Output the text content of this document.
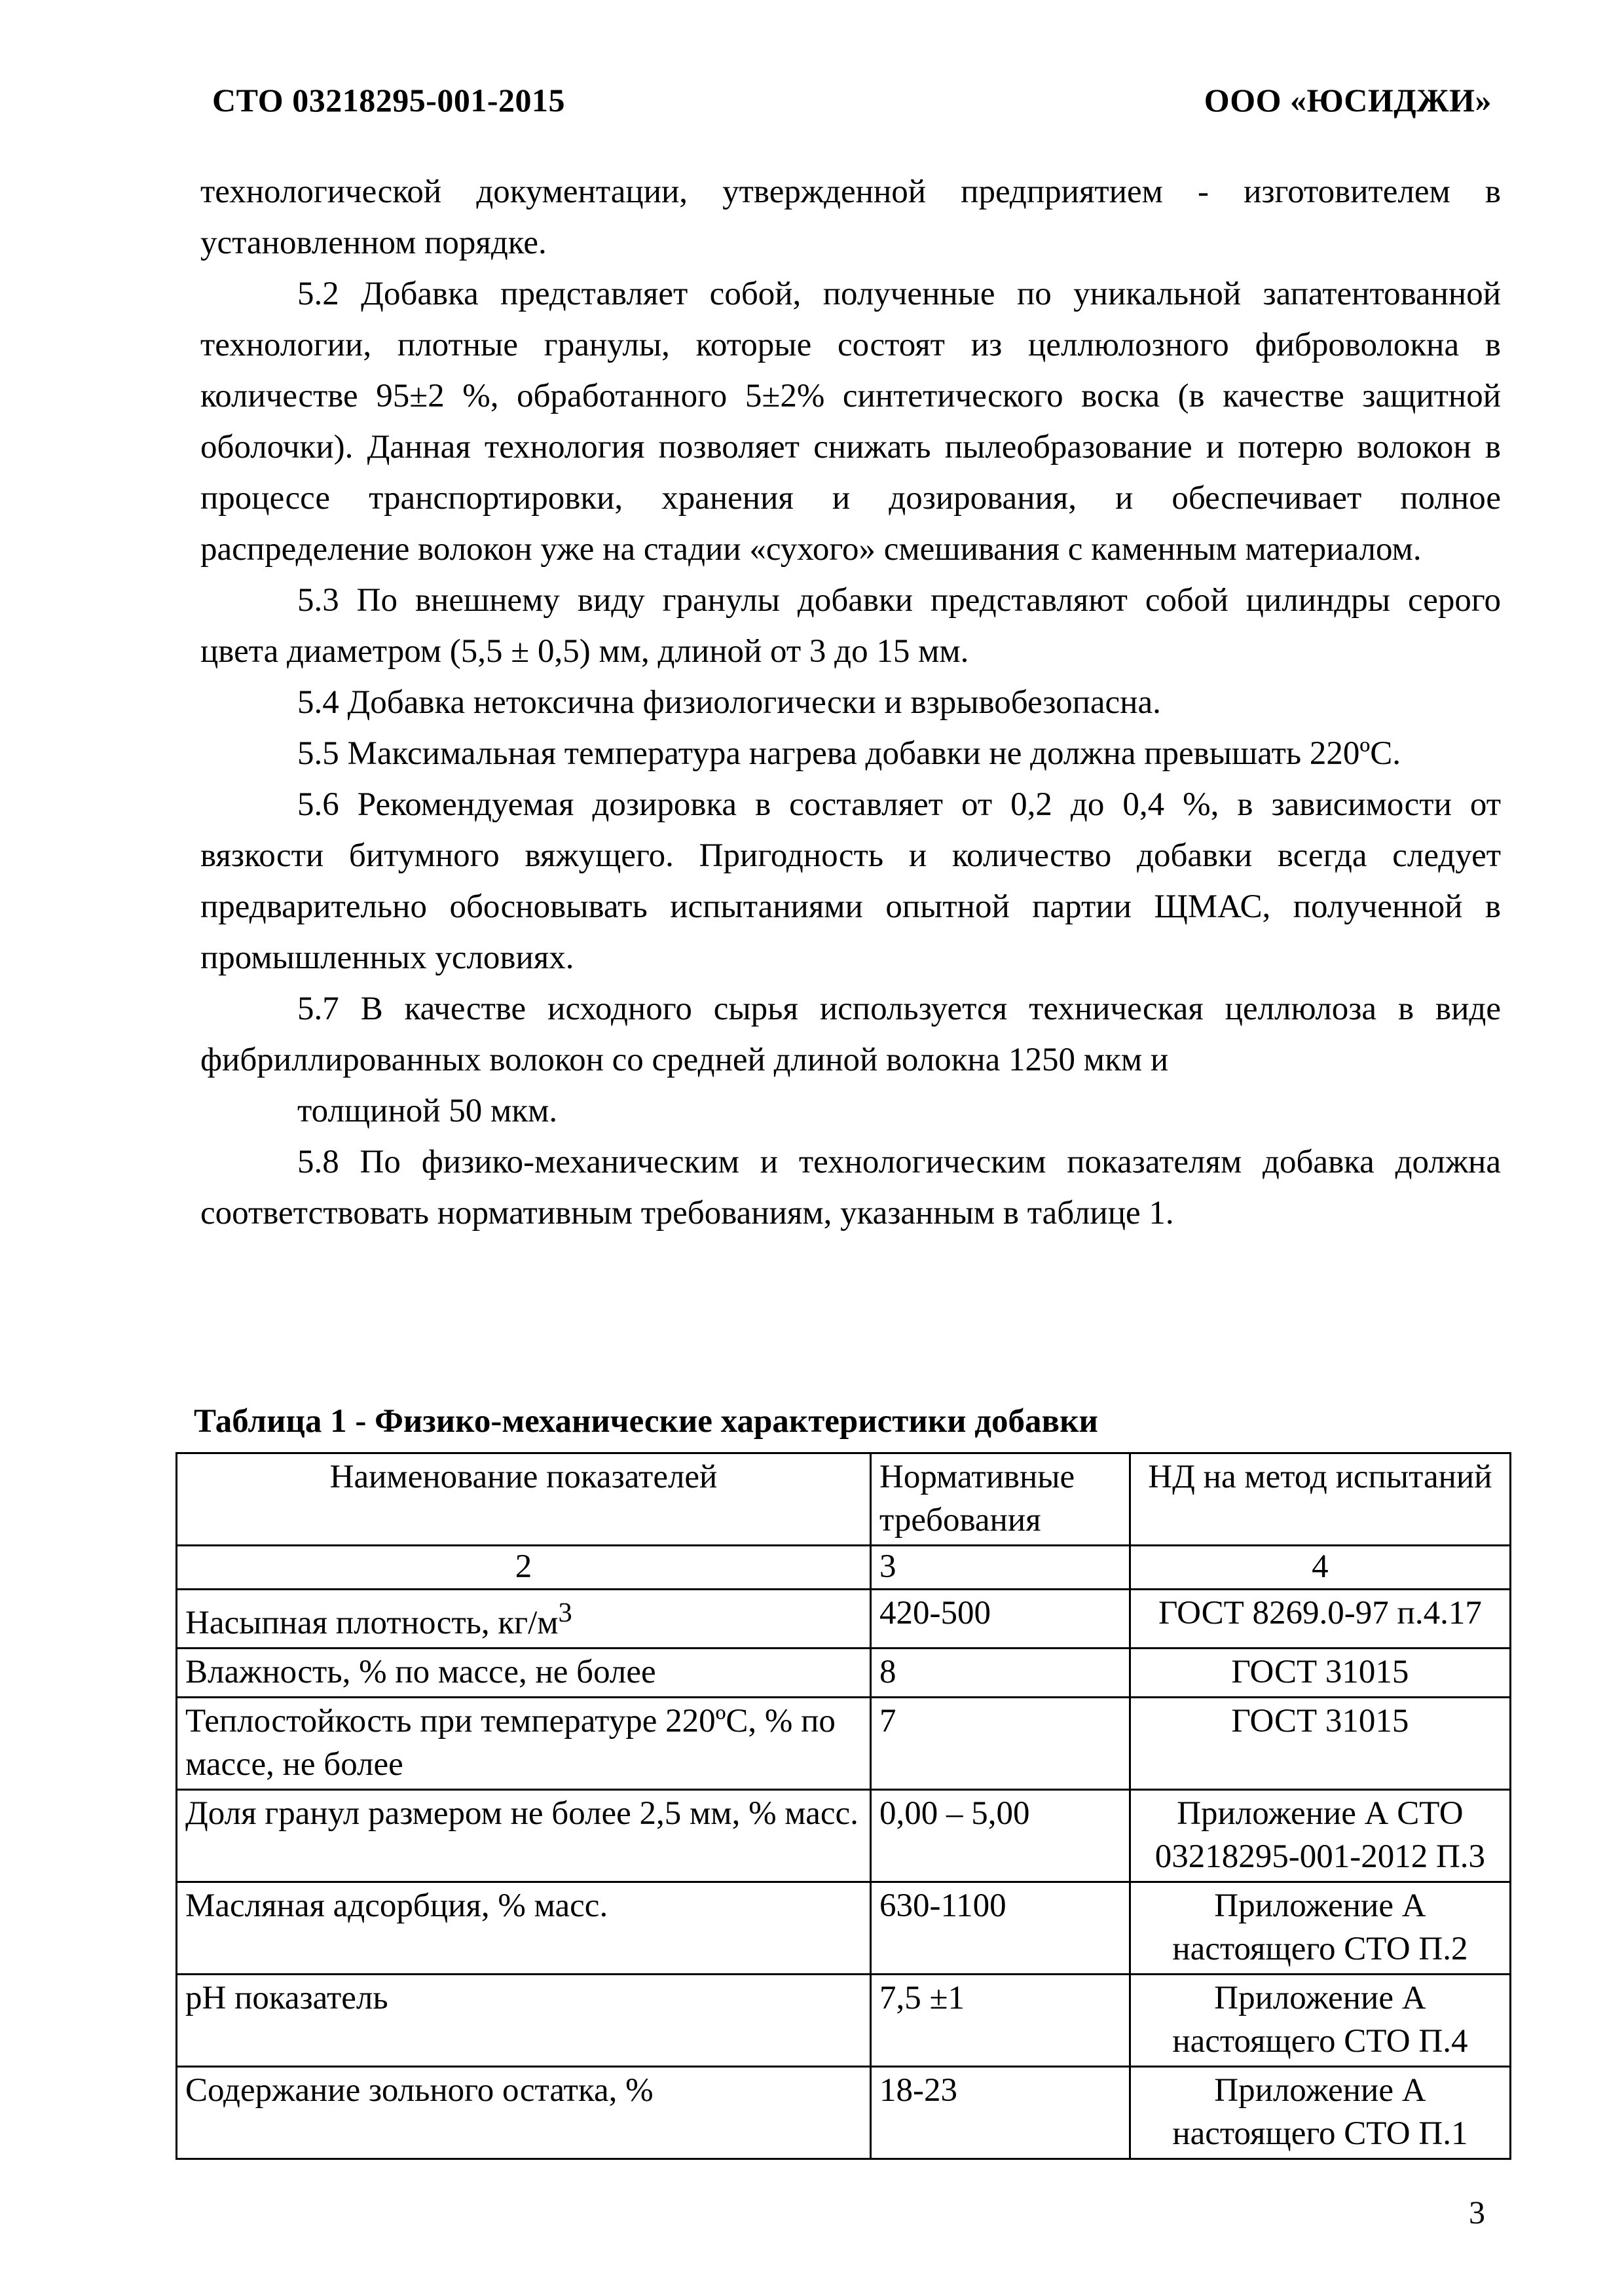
СТО 03218295-001-2015	ООО «ЮСИДЖИ»

технологической документации, утвержденной предприятием - изготовителем в установленном порядке.

5.2 Добавка представляет собой, полученные по уникальной запатентованной технологии, плотные гранулы, которые состоят из целлюлозного фиброволокна в количестве 95±2 %, обработанного 5±2% синтетического воска (в качестве защитной оболочки). Данная технология позволяет снижать пылеобразование и потерю волокон в процессе транспортировки, хранения и дозирования, и обеспечивает полное распределение волокон уже на стадии «сухого» смешивания с каменным материалом.

5.3 По внешнему виду гранулы добавки представляют собой цилиндры серого цвета диаметром (5,5 ± 0,5) мм, длиной от 3 до 15 мм.

5.4 Добавка нетоксична физиологически и взрывобезопасна.

5.5 Максимальная температура нагрева добавки не должна превышать 220ºС.

5.6 Рекомендуемая дозировка в составляет от 0,2 до 0,4 %, в зависимости от вязкости битумного вяжущего. Пригодность и количество добавки всегда следует предварительно обосновывать испытаниями опытной партии ЩМАС, полученной в промышленных условиях.

5.7 В качестве исходного сырья используется техническая целлюлоза в виде фибриллированных волокон со средней длиной волокна 1250 мкм и

толщиной 50 мкм.

5.8 По физико-механическим и технологическим показателям добавка должна соответствовать нормативным требованиям, указанным в таблице 1.

Таблица 1 - Физико-механические характеристики добавки
Наименование показателей	Нормативные требования	НД на метод испытаний
2	3	4
Насыпная плотность, $кг/м^3$	420-500	ГОСТ 8269.0-97 п.4.17
Влажность, % по массе, не более	8	ГОСТ 31015
Теплостойкость при температуре 220ºС, % по массе, не более	7	ГОСТ 31015
Доля гранул размером не более 2,5 мм, % масс.	0,00 – 5,00	Приложение А СТО 03218295-001-2012 П.3
Масляная адсорбция, % масс.	630-1100	Приложение А настоящего СТО П.2
pH показатель	7,5 ±1	Приложение А настоящего СТО П.4
Содержание зольного остатка, %	18-23	Приложение А настоящего СТО П.1
3
